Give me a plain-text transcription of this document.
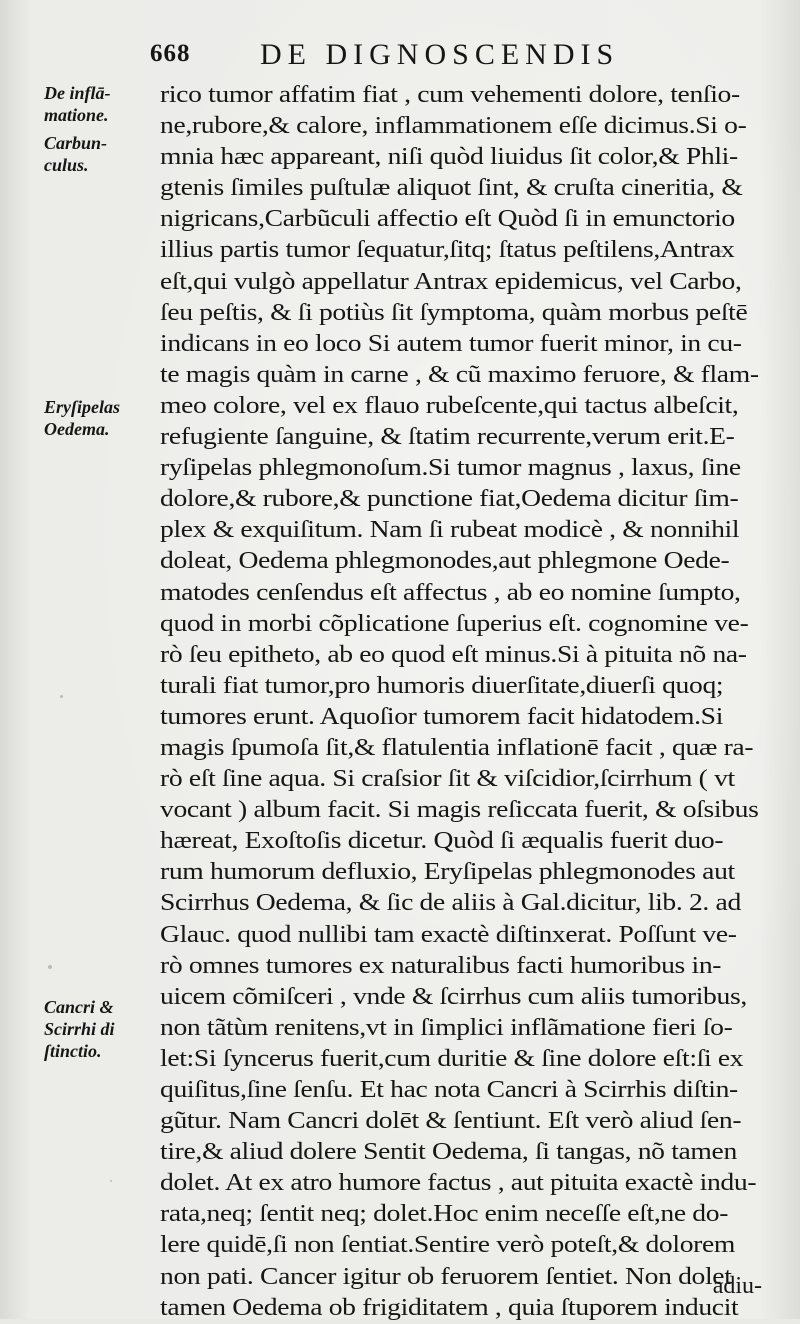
668 DE DIGNOSCENDIS
De inflā-
matione.
Carbun-
culus.
Eryſipelas
Oedema.
Cancri &
Scirrhi di
ſtinctio.
rico tumor affatim fiat , cum vehementi dolore, tenſio-
ne,rubore,& calore, inflammationem eſſe dicimus.Si o-
mnia hæc appareant, niſi quòd liuidus ſit color,& Phli-
gtenis ſimiles puſtulæ aliquot ſint, & cruſta cineritia, &
nigricans,Carbũculi affectio eſt Quòd ſi in emunctorio
illius partis tumor ſequatur,ſitq; ſtatus peſtilens,Antrax
eſt,qui vulgò appellatur Antrax epidemicus, vel Carbo,
ſeu peſtis, & ſi potiùs ſit ſymptoma, quàm morbus peſtē
indicans in eo loco Si autem tumor fuerit minor, in cu-
te magis quàm in carne , & cũ maximo feruore, & flam-
meo colore, vel ex flauo rubeſcente,qui tactus albeſcit,
refugiente ſanguine, & ſtatim recurrente,verum erit.E-
ryſipelas phlegmonoſum.Si tumor magnus , laxus, ſine
dolore,& rubore,& punctione fiat,Oedema dicitur ſim-
plex & exquiſitum. Nam ſi rubeat modicè , & nonnihil
doleat, Oedema phlegmonodes,aut phlegmone Oede-
matodes cenſendus eſt affectus , ab eo nomine ſumpto,
quod in morbi cõplicatione ſuperius eſt. cognomine ve-
rò ſeu epitheto, ab eo quod eſt minus.Si à pituita nõ na-
turali fiat tumor,pro humoris diuerſitate,diuerſi quoq;
tumores erunt. Aquoſior tumorem facit hidatodem.Si
magis ſpumoſa ſit,& flatulentia inflationē facit , quæ ra-
rò eſt ſine aqua. Si craſsior ſit & viſcidior,ſcirrhum ( vt
vocant ) album facit. Si magis reſiccata fuerit, & oſsibus
hæreat, Exoſtoſis dicetur. Quòd ſi æqualis fuerit duo-
rum humorum defluxio, Eryſipelas phlegmonodes aut
Scirrhus Oedema, & ſic de aliis à Gal.dicitur, lib. 2. ad
Glauc. quod nullibi tam exactè diſtinxerat. Poſſunt ve-
rò omnes tumores ex naturalibus facti humoribus in-
uicem cõmiſceri , vnde & ſcirrhus cum aliis tumoribus,
non tãtùm renitens,vt in ſimplici inflãmatione fieri ſo-
let:Si ſyncerus fuerit,cum duritie & ſine dolore eſt:ſi ex
quiſitus,ſine ſenſu. Et hac nota Cancri à Scirrhis diſtin-
gũtur. Nam Cancri dolēt & ſentiunt. Eſt verò aliud ſen-
tire,& aliud dolere Sentit Oedema, ſi tangas, nõ tamen
dolet. At ex atro humore factus , aut pituita exactè indu-
rata,neq; ſentit neq; dolet.Hoc enim neceſſe eſt,ne do-
lere quidē,ſi non ſentiat.Sentire verò poteſt,& dolorem
non pati. Cancer igitur ob feruorem ſentiet. Non dolet
tamen Oedema ob frigiditatem , quia ſtuporem inducit
adiu-
